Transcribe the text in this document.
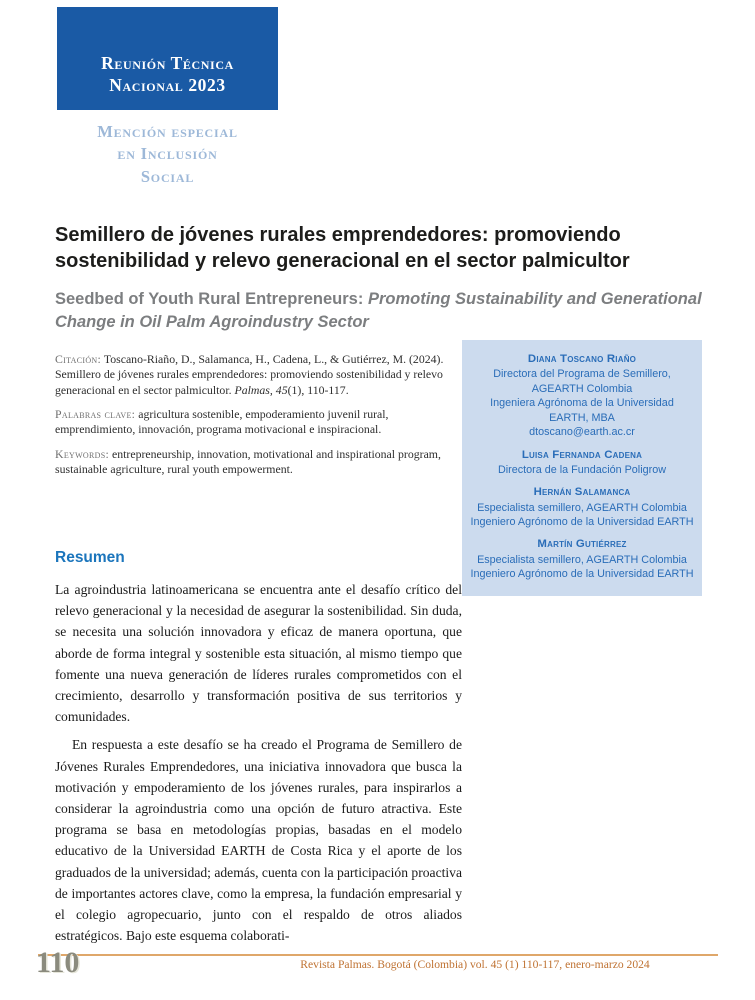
Reunión Técnica
Nacional 2023
Mención especial
en Inclusión
Social
Semillero de jóvenes rurales emprendedores: promoviendo sostenibilidad y relevo generacional en el sector palmicultor
Seedbed of Youth Rural Entrepreneurs: Promoting Sustainability and Generational Change in Oil Palm Agroindustry Sector

Citación: Toscano-Riaño, D., Salamanca, H., Cadena, L., & Gutiérrez, M. (2024). Semillero de jóvenes rurales emprendedores: promoviendo sostenibilidad y relevo generacional en el sector palmicultor. Palmas, 45(1), 110-117.

Palabras clave: agricultura sostenible, empoderamiento juvenil rural, emprendimiento, innovación, programa motivacional e inspiracional.

Keywords: entrepreneurship, innovation, motivational and inspirational program, sustainable agriculture, rural youth empowerment.

Diana Toscano Riaño
Directora del Programa de Semillero, AGEARTH Colombia
Ingeniera Agrónoma de la Universidad EARTH, MBA
dtoscano@earth.ac.cr
Luisa Fernanda Cadena
Directora de la Fundación Poligrow
Hernán Salamanca
Especialista semillero, AGEARTH Colombia
Ingeniero Agrónomo de la Universidad EARTH
Martín Gutiérrez
Especialista semillero, AGEARTH Colombia
Ingeniero Agrónomo de la Universidad EARTH
Resumen

La agroindustria latinoamericana se encuentra ante el desafío crítico del relevo generacional y la necesidad de asegurar la sostenibilidad. Sin duda, se necesita una solución innovadora y eficaz de manera oportuna, que aborde de forma integral y sostenible esta situación, al mismo tiempo que fomente una nueva generación de líderes rurales comprometidos con el crecimiento, desarrollo y transformación positiva de sus territorios y comunidades.

En respuesta a este desafío se ha creado el Programa de Semillero de Jóvenes Rurales Emprendedores, una iniciativa innovadora que busca la motivación y empoderamiento de los jóvenes rurales, para inspirarlos a considerar la agroindustria como una opción de futuro atractiva. Este programa se basa en metodologías propias, basadas en el modelo educativo de la Universidad EARTH de Costa Rica y el aporte de los graduados de la universidad; además, cuenta con la participación proactiva de importantes actores clave, como la empresa, la fundación empresarial y el colegio agropecuario, junto con el respaldo de otros aliados estratégicos. Bajo este esquema colaborati-

110	Revista Palmas. Bogotá (Colombia) vol. 45 (1) 110-117, enero-marzo 2024
